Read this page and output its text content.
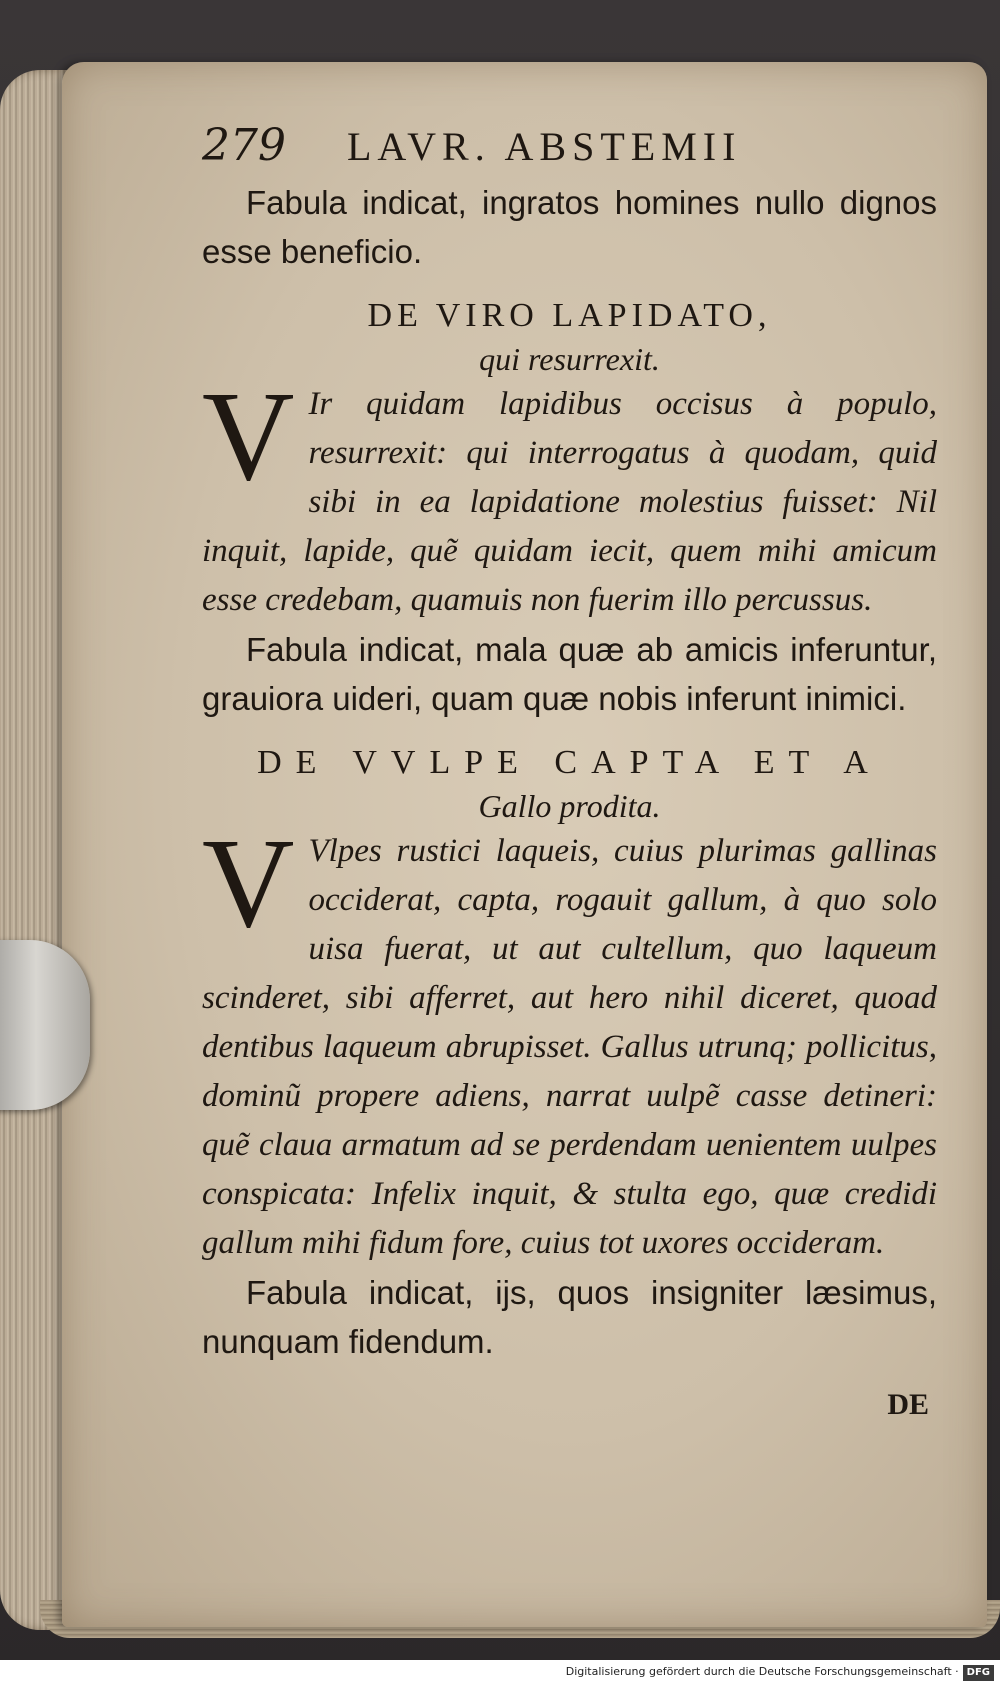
279	LAVR. ABSTEMII

Fabula indicat, ingratos homines nullo dignos esse beneficio.

DE VIRO LAPIDATO,

qui resurrexit.

V Ir quidam lapidibus occisus à populo, resurrexit: qui interrogatus à quodam, quid sibi in ea lapidatione molestius fuisset: Nil inquit, lapide, quẽ quidam iecit, quem mihi amicum esse credebam, quamuis non fuerim illo percussus.

Fabula indicat, mala quæ ab amicis inferuntur, grauiora uideri, quam quæ nobis inferunt inimici.

DE VVLPE CAPTA ET A

Gallo prodita.

V Vlpes rustici laqueis, cuius plurimas gallinas occiderat, capta, rogauit gallum, à quo solo uisa fuerat, ut aut cultellum, quo laqueum scinderet, sibi afferret, aut hero nihil diceret, quoad dentibus laqueum abrupisset. Gallus utrunq; pollicitus, dominũ propere adiens, narrat uulpẽ casse detineri: quẽ claua armatum ad se perdendam uenientem uulpes conspicata: Infelix inquit, & stulta ego, quæ credidi gallum mihi fidum fore, cuius tot uxores occideram.

Fabula indicat, ijs, quos insigniter læsimus, nunquam fidendum.

DE
Digitalisierung gefördert durch die Deutsche Forschungsgemeinschaft · DFG
